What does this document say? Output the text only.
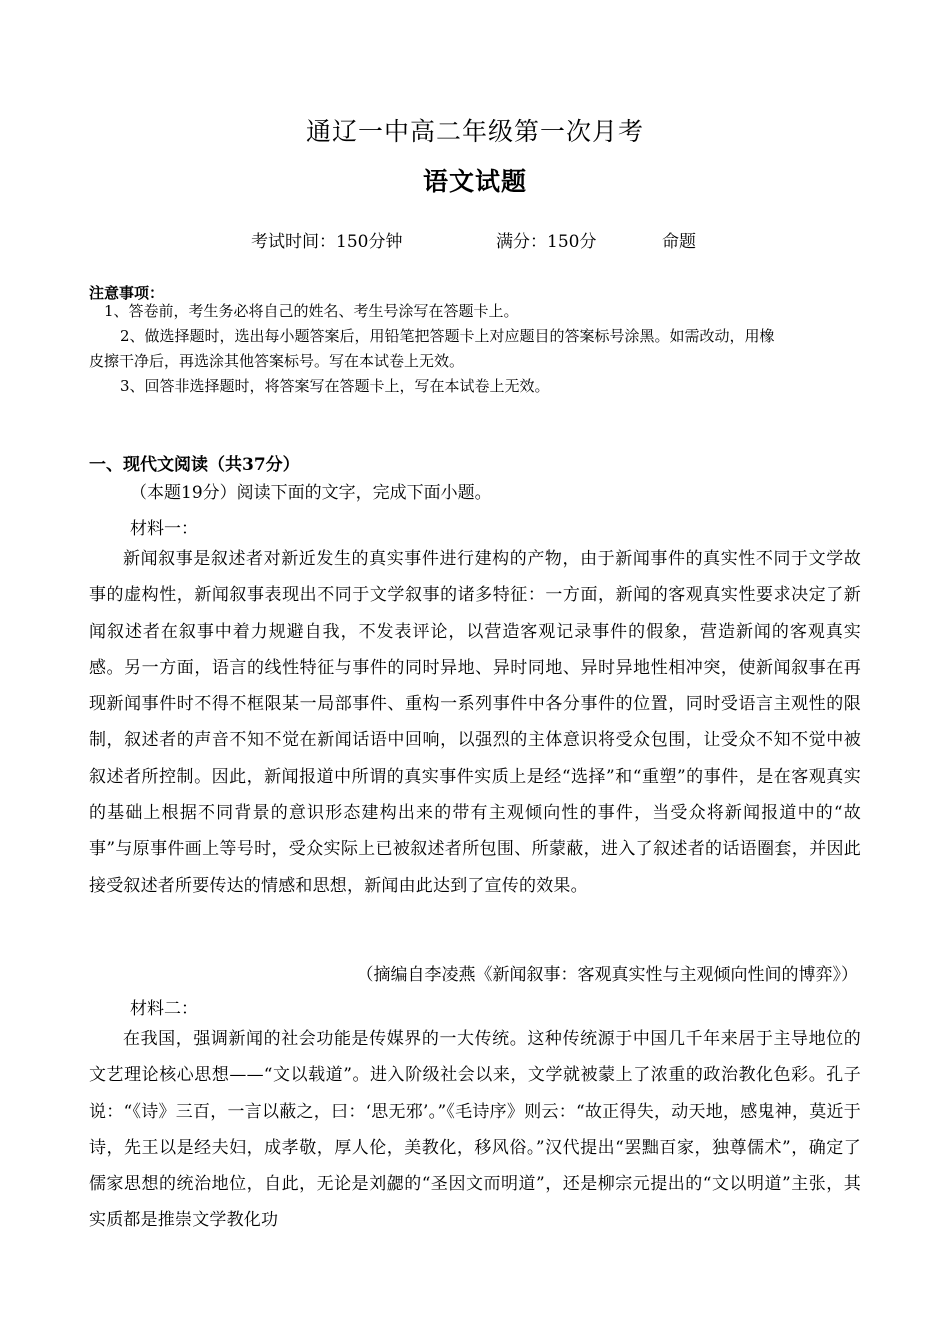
通辽一中高二年级第一次月考
语文试题
考试时间：150分钟	满分：150分	命题
注意事项：
1、答卷前，考生务必将自己的姓名、考生号涂写在答题卡上。
2、做选择题时，选出每小题答案后，用铅笔把答题卡上对应题目的答案标号涂黑。如需改动，用橡
皮擦干净后，再选涂其他答案标号。写在本试卷上无效。
3、回答非选择题时，将答案写在答题卡上，写在本试卷上无效。
一、现代文阅读（共37分）
（本题19分）阅读下面的文字，完成下面小题。
材料一：
新闻叙事是叙述者对新近发生的真实事件进行建构的产物，由于新闻事件的真实性不同于文学故事的虚构性，新闻叙事表现出不同于文学叙事的诸多特征：一方面，新闻的客观真实性要求决定了新闻叙述者在叙事中着力规避自我，不发表评论，以营造客观记录事件的假象，营造新闻的客观真实感。另一方面，语言的线性特征与事件的同时异地、异时同地、异时异地性相冲突，使新闻叙事在再现新闻事件时不得不框限某一局部事件、重构一系列事件中各分事件的位置，同时受语言主观性的限制，叙述者的声音不知不觉在新闻话语中回响，以强烈的主体意识将受众包围，让受众不知不觉中被叙述者所控制。因此，新闻报道中所谓的真实事件实质上是经“选择”和“重塑”的事件，是在客观真实的基础上根据不同背景的意识形态建构出来的带有主观倾向性的事件，当受众将新闻报道中的“故事”与原事件画上等号时，受众实际上已被叙述者所包围、所蒙蔽，进入了叙述者的话语圈套，并因此接受叙述者所要传达的情感和思想，新闻由此达到了宣传的效果。
（摘编自李凌燕《新闻叙事：客观真实性与主观倾向性间的博弈》）
材料二：
在我国，强调新闻的社会功能是传媒界的一大传统。这种传统源于中国几千年来居于主导地位的文艺理论核心思想——“文以载道”。进入阶级社会以来，文学就被蒙上了浓重的政治教化色彩。孔子说：“《诗》三百，一言以蔽之，曰：‘思无邪’。”《毛诗序》则云：“故正得失，动天地，感鬼神，莫近于诗，先王以是经夫妇，成孝敬，厚人伦，美教化，移风俗。”汉代提出“罢黜百家，独尊儒术”，确定了儒家思想的统治地位，自此，无论是刘勰的“圣因文而明道”，还是柳宗元提出的“文以明道”主张，其实质都是推崇文学教化功
